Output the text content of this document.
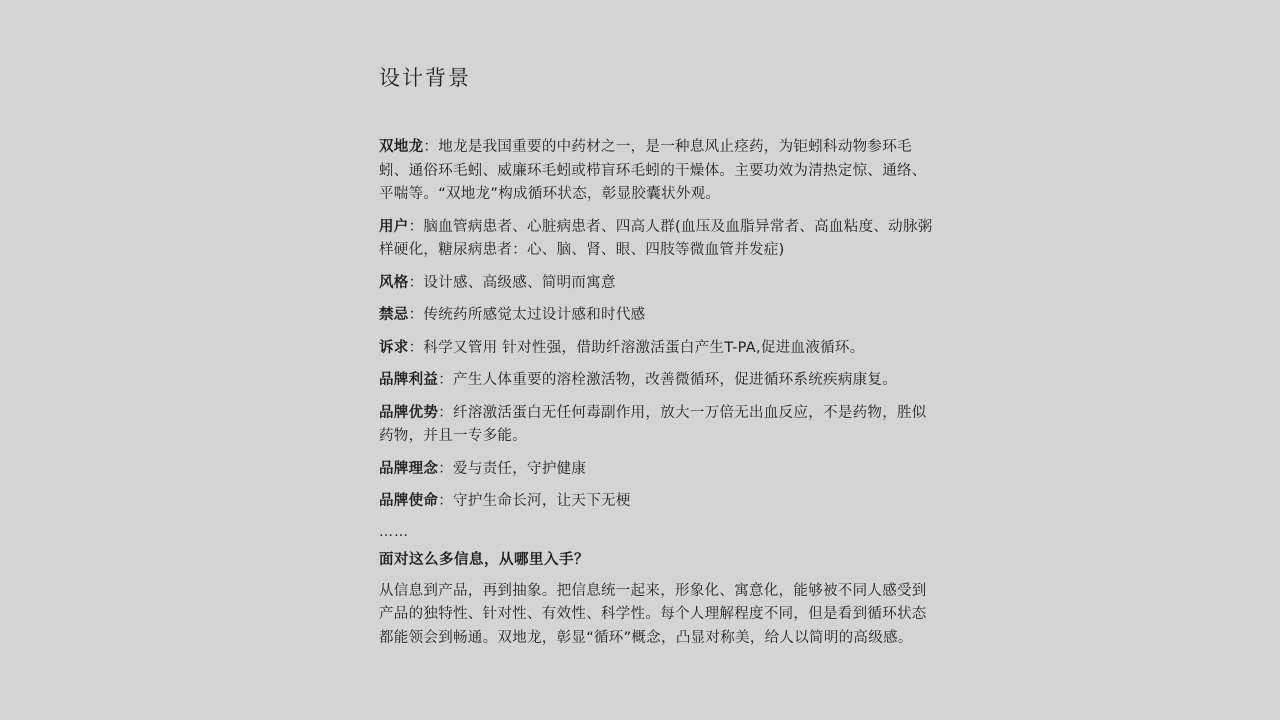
设计背景

双地龙：地龙是我国重要的中药材之一，是一种息风止痉药，为钜蚓科动物参环毛蚓、通俗环毛蚓、威廉环毛蚓或栉盲环毛蚓的干燥体。主要功效为清热定惊、通络、平喘等。“双地龙”构成循环状态，彰显胶囊状外观。

用户：脑血管病患者、心脏病患者、四高人群(血压及血脂异常者、高血粘度、动脉粥样硬化，糖尿病患者：心、脑、肾、眼、四肢等微血管并发症)

风格：设计感、高级感、简明而寓意

禁忌：传统药所感觉太过设计感和时代感

诉求：科学又管用 针对性强，借助纤溶激活蛋白产生T-PA,促进血液循环。

品牌利益：产生人体重要的溶栓激活物，改善微循环，促进循环系统疾病康复。

品牌优势：纤溶激活蛋白无任何毒副作用，放大一万倍无出血反应，不是药物，胜似药物，并且一专多能。

品牌理念：爱与责任，守护健康

品牌使命：守护生命长河，让天下无梗

……

面对这么多信息，从哪里入手？

从信息到产品，再到抽象。把信息统一起来，形象化、寓意化，能够被不同人感受到产品的独特性、针对性、有效性、科学性。每个人理解程度不同，但是看到循环状态都能领会到畅通。双地龙，彰显“循环”概念，凸显对称美，给人以简明的高级感。
